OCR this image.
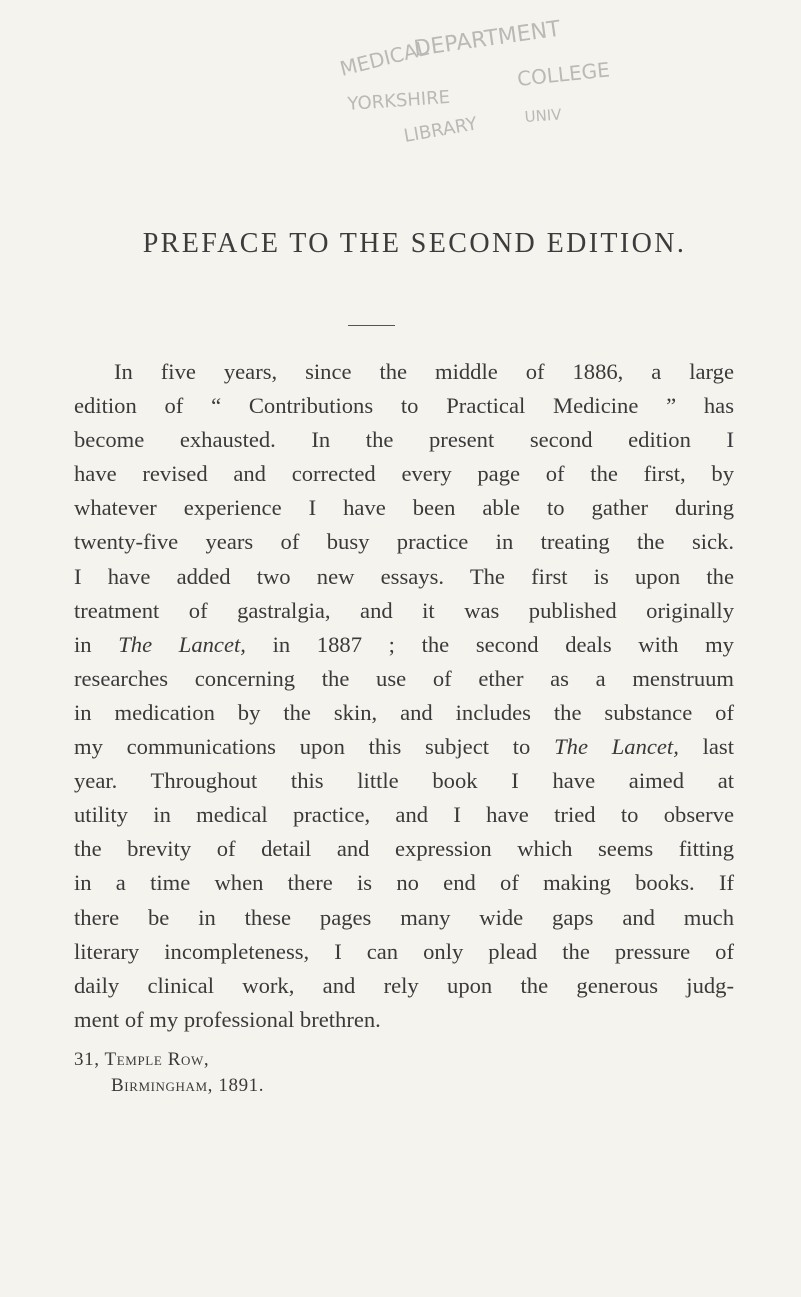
MEDICAL
DEPARTMENT
COLLEGE
YORKSHIRE
LIBRARY	UNIV
PREFACE TO THE SECOND EDITION.
In five years, since the middle of 1886, a large
edition of “ Contributions to Practical Medicine ” has
become exhausted. In the present second edition I
have revised and corrected every page of the first, by
whatever experience I have been able to gather during
twenty-five years of busy practice in treating the sick.
I have added two new essays. The first is upon the
treatment of gastralgia, and it was published originally
in The Lancet, in 1887 ; the second deals with my
researches concerning the use of ether as a menstruum
in medication by the skin, and includes the substance of
my communications upon this subject to The Lancet, last
year. Throughout this little book I have aimed at
utility in medical practice, and I have tried to observe
the brevity of detail and expression which seems fitting
in a time when there is no end of making books. If
there be in these pages many wide gaps and much
literary incompleteness, I can only plead the pressure of
daily clinical work, and rely upon the generous judg-
ment of my professional brethren.
31, Temple Row,
Birmingham, 1891.
